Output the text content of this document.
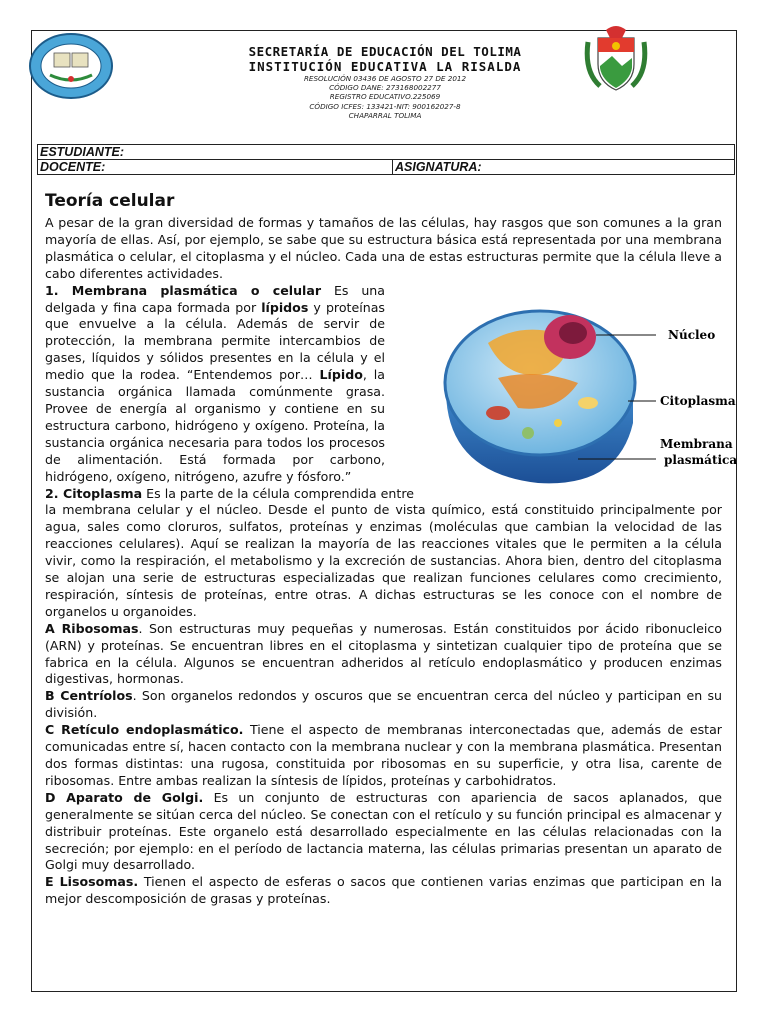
SECRETARÍA DE EDUCACIÓN DEL TOLIMA
INSTITUCIÓN EDUCATIVA LA RISALDA
RESOLUCIÓN 03436 DE AGOSTO 27 DE 2012
CÓDIGO DANE: 273168002277
REGISTRO EDUCATIVO.225069
CÓDIGO ICFES: 133421-NIT: 900162027-8
CHAPARRAL TOLIMA
ESTUDIANTE:
DOCENTE:	ASIGNATURA:
Teoría celular

A pesar de la gran diversidad de formas y tamaños de las células, hay rasgos que son comunes a la gran mayoría de ellas. Así, por ejemplo, se sabe que su estructura básica está representada por una membrana plasmática o celular, el citoplasma y el núcleo. Cada una de estas estructuras permite que la célula lleve a cabo diferentes actividades.

Núcleo
Citoplasma
Membrana
plasmática

1. Membrana plasmática o celular Es una delgada y fina capa formada por lípidos y proteínas que envuelve a la célula. Además de servir de protección, la membrana permite intercambios de gases, líquidos y sólidos presentes en la célula y el medio que la rodea. “Entendemos por… Lípido, la sustancia orgánica llamada comúnmente grasa. Provee de energía al organismo y contiene en su estructura carbono, hidrógeno y oxígeno. Proteína, la sustancia orgánica necesaria para todos los procesos de alimentación. Está formada por carbono, hidrógeno, oxígeno, nitrógeno, azufre y fósforo.”

2. Citoplasma Es la parte de la célula comprendida entre la membrana celular y el núcleo. Desde el punto de vista químico, está constituido principalmente por agua, sales como cloruros, sulfatos, proteínas y enzimas (moléculas que cambian la velocidad de las reacciones celulares). Aquí se realizan la mayoría de las reacciones vitales que le permiten a la célula vivir, como la respiración, el metabolismo y la excreción de sustancias. Ahora bien, dentro del citoplasma se alojan una serie de estructuras especializadas que realizan funciones celulares como crecimiento, respiración, síntesis de proteínas, entre otras. A dichas estructuras se les conoce con el nombre de organelos u organoides.

A Ribosomas. Son estructuras muy pequeñas y numerosas. Están constituidos por ácido ribonucleico (ARN) y proteínas. Se encuentran libres en el citoplasma y sintetizan cualquier tipo de proteína que se fabrica en la célula. Algunos se encuentran adheridos al retículo endoplasmático y producen enzimas digestivas, hormonas.

B Centríolos. Son organelos redondos y oscuros que se encuentran cerca del núcleo y participan en su división.

C Retículo endoplasmático. Tiene el aspecto de membranas interconectadas que, además de estar comunicadas entre sí, hacen contacto con la membrana nuclear y con la membrana plasmática. Presentan dos formas distintas: una rugosa, constituida por ribosomas en su superficie, y otra lisa, carente de ribosomas. Entre ambas realizan la síntesis de lípidos, proteínas y carbohidratos.

D Aparato de Golgi. Es un conjunto de estructuras con apariencia de sacos aplanados, que generalmente se sitúan cerca del núcleo. Se conectan con el retículo y su función principal es almacenar y distribuir proteínas. Este organelo está desarrollado especialmente en las células relacionadas con la secreción; por ejemplo: en el período de lactancia materna, las células primarias presentan un aparato de Golgi muy desarrollado.

E Lisosomas. Tienen el aspecto de esferas o sacos que contienen varias enzimas que participan en la mejor descomposición de grasas y proteínas.
